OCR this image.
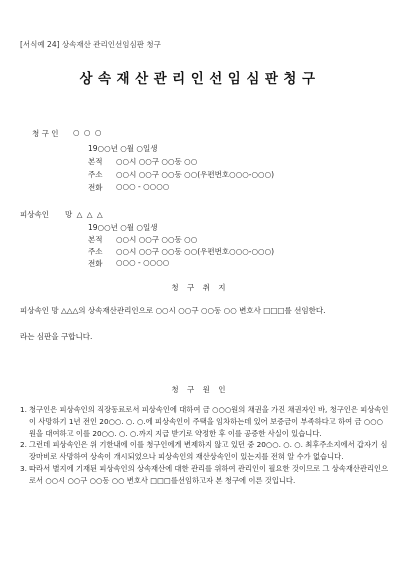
[서식예 24] 상속재산 관리인선임심판 청구
상속재산관리인선임심판청구
청 구 인 ○ ○ ○
19○○년 ○월 ○일생
본적 ○○시 ○○구 ○○동 ○○
주소 ○○시 ○○구 ○○동 ○○(우편번호○○○-○○○)
전화 ○○○ - ○○○○
피상속인 망 △ △ △
19○○년 ○월 ○일생
본적 ○○시 ○○구 ○○동 ○○
주소 ○○시 ○○구 ○○동 ○○(우편번호○○○-○○○)
전화 ○○○ - ○○○○
청 구 취 지
피상속인 망 △△△의 상속재산관리인으로 ○○시 ○○구 ○○동 ○○ 변호사 □□□를 선임한다.
라는 심판을 구합니다.
청 구 원 인
1. 청구인은 피상속인의 직장동료로서 피상속인에 대하여 금 ○○○원의 채권을 가진 채권자인 바, 청구인은 피상속인이 사망하기 1년 전인 20○○. ○. ○.에 피상속인이 주택을 임차하는데 있어 보증금이 부족하다고 하여 금 ○○○원을 대여하고 이를 20○○. ○. ○.까지 지급 받기로 약정한 후 이를 공증한 사실이 있습니다.
2. 그런데 피상속인은 위 기한내에 이를 청구인에게 변제하지 않고 있던 중 20○○. ○. ○. 최후주소지에서 갑자기 심장마비로 사망하여 상속이 개시되었으나 피상속인의 재산상속인이 있는지를 전혀 알 수가 없습니다.
3. 따라서 별지에 기재된 피상속인의 상속재산에 대한 관리를 위하여 관리인이 필요한 것이므로 그 상속재산관리인으로서 ○○시 ○○구 ○○동 ○○ 변호사 □□□를선임하고자 본 청구에 이른 것입니다.
